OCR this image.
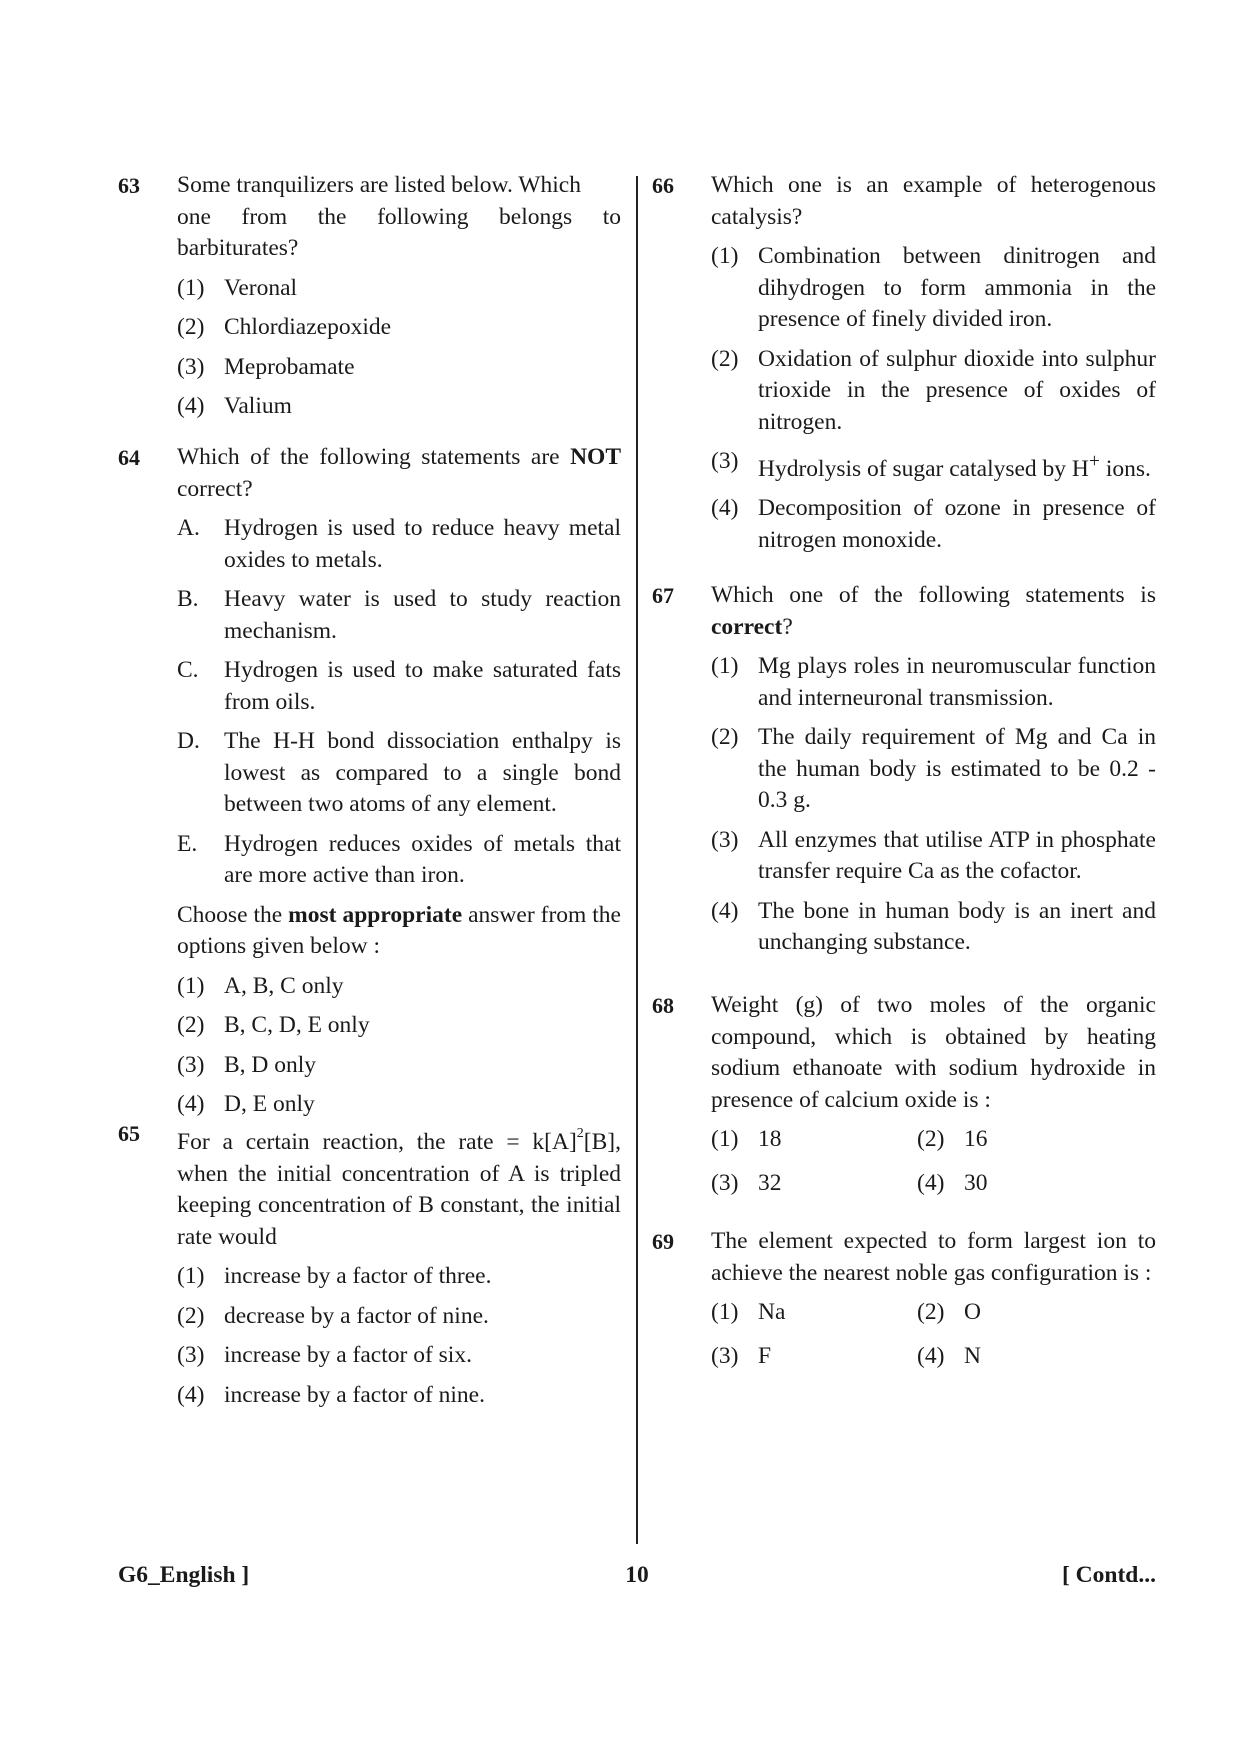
63 Some tranquilizers are listed below. Which
one from the following belongs to
barbiturates?
(1) Veronal
(2) Chlordiazepoxide
(3) Meprobamate
(4) Valium
64 Which of the following statements are NOT correct?
A. Hydrogen is used to reduce heavy metal oxides to metals.
B. Heavy water is used to study reaction mechanism.
C. Hydrogen is used to make saturated fats from oils.
D. The H-H bond dissociation enthalpy is lowest as compared to a single bond between two atoms of any element.
E. Hydrogen reduces oxides of metals that are more active than iron.
Choose the most appropriate answer from the options given below :
(1) A, B, C only
(2) B, C, D, E only
(3) B, D only
(4) D, E only
65 For a certain reaction, the rate = $k[A]^2[B]$, when the initial concentration of A is tripled keeping concentration of B constant, the initial rate would
(1) increase by a factor of three.
(2) decrease by a factor of nine.
(3) increase by a factor of six.
(4) increase by a factor of nine.
66 Which one is an example of heterogenous catalysis?
(1) Combination between dinitrogen and dihydrogen to form ammonia in the presence of finely divided iron.
(2) Oxidation of sulphur dioxide into sulphur trioxide in the presence of oxides of nitrogen.
(3) Hydrolysis of sugar catalysed by H+ ions.
(4) Decomposition of ozone in presence of nitrogen monoxide.
67 Which one of the following statements is correct?
(1) Mg plays roles in neuromuscular function and interneuronal transmission.
(2) The daily requirement of Mg and Ca in the human body is estimated to be 0.2 - 0.3 g.
(3) All enzymes that utilise ATP in phosphate transfer require Ca as the cofactor.
(4) The bone in human body is an inert and unchanging substance.
68 Weight (g) of two moles of the organic compound, which is obtained by heating sodium ethanoate with sodium hydroxide in presence of calcium oxide is :
(1) 18	(2) 16
(3) 32	(4) 30
69 The element expected to form largest ion to achieve the nearest noble gas configuration is :
(1) Na	(2) O
(3) F	(4) N
10
G6_English ]	[ Contd...
